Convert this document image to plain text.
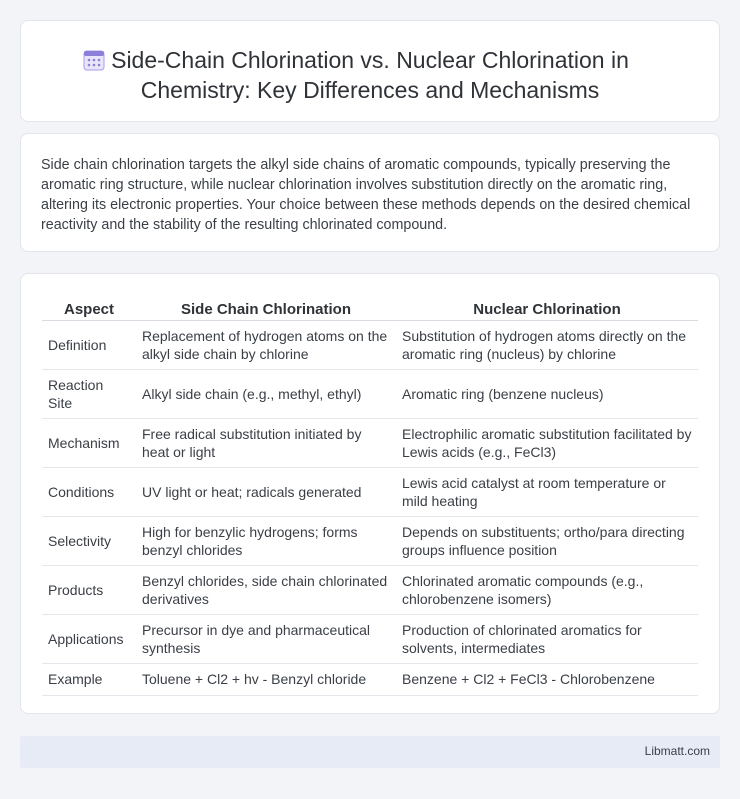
Side-Chain Chlorination vs. Nuclear Chlorination in
Chemistry: Key Differences and Mechanisms

Side chain chlorination targets the alkyl side chains of aromatic compounds, typically preserving the aromatic ring structure, while nuclear chlorination involves substitution directly on the aromatic ring, altering its electronic properties. Your choice between these methods depends on the desired chemical reactivity and the stability of the resulting chlorinated compound.

Aspect	Side Chain Chlorination	Nuclear Chlorination
Definition	Replacement of hydrogen atoms on the alkyl side chain by chlorine	Substitution of hydrogen atoms directly on the aromatic ring (nucleus) by chlorine
Reaction Site	Alkyl side chain (e.g., methyl, ethyl)	Aromatic ring (benzene nucleus)
Mechanism	Free radical substitution initiated by heat or light	Electrophilic aromatic substitution facilitated by Lewis acids (e.g., FeCl3)
Conditions	UV light or heat; radicals generated	Lewis acid catalyst at room temperature or mild heating
Selectivity	High for benzylic hydrogens; forms benzyl chlorides	Depends on substituents; ortho/para directing groups influence position
Products	Benzyl chlorides, side chain chlorinated derivatives	Chlorinated aromatic compounds (e.g., chlorobenzene isomers)
Applications	Precursor in dye and pharmaceutical synthesis	Production of chlorinated aromatics for solvents, intermediates
Example	Toluene + Cl2 + hv - Benzyl chloride	Benzene + Cl2 + FeCl3 - Chlorobenzene
Libmatt.com
